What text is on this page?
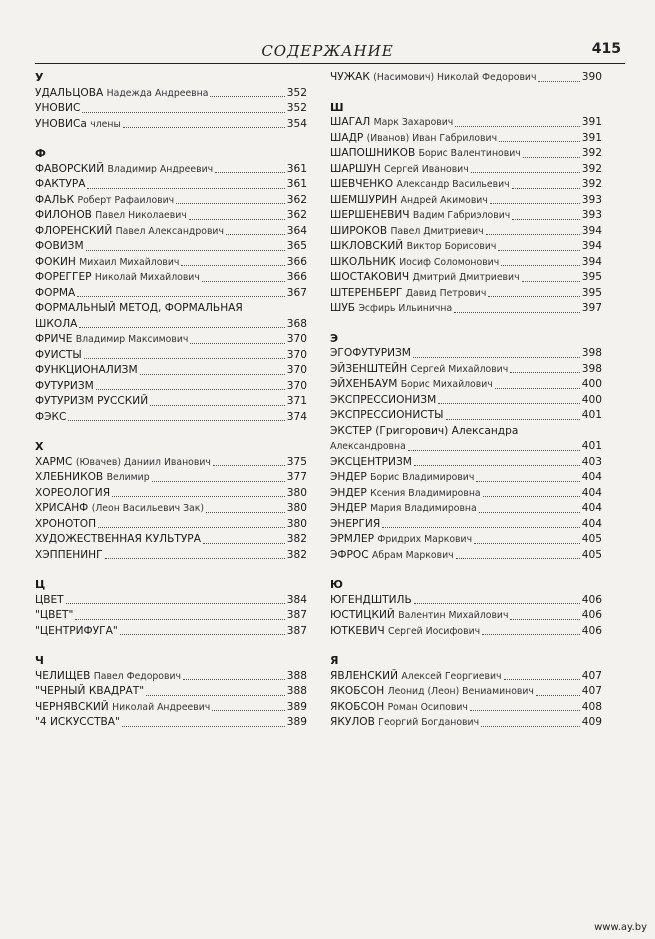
СОДЕРЖАНИЕ	415
У
УДАЛЬЦОВА Надежда Андреевна	352
УНОВИС	352
УНОВИСа члены	354
Ф
ФАВОРСКИЙ Владимир Андреевич	361
ФАКТУРА	361
ФАЛЬК Роберт Рафаилович	362
ФИЛОНОВ Павел Николаевич	362
ФЛОРЕНСКИЙ Павел Александрович	364
ФОВИЗМ	365
ФОКИН Михаил Михайлович	366
ФОРЕГГЕР Николай Михайлович	366
ФОРМА	367
ФОРМАЛЬНЫЙ МЕТОД, ФОРМАЛЬНАЯ
ШКОЛА	368
ФРИЧЕ Владимир Максимович	370
ФУИСТЫ	370
ФУНКЦИОНАЛИЗМ	370
ФУТУРИЗМ	370
ФУТУРИЗМ РУССКИЙ	371
ФЭКС	374
Х
ХАРМС (Ювачев) Даниил Иванович	375
ХЛЕБНИКОВ Велимир	377
ХОРЕОЛОГИЯ	380
ХРИСАНФ (Леон Васильевич Зак)	380
ХРОНОТОП	380
ХУДОЖЕСТВЕННАЯ КУЛЬТУРА	382
ХЭППЕНИНГ	382
Ц
ЦВЕТ	384
"ЦВЕТ"	387
"ЦЕНТРИФУГА"	387
Ч
ЧЕЛИЩЕВ Павел Федорович	388
"ЧЕРНЫЙ КВАДРАТ"	388
ЧЕРНЯВСКИЙ Николай Андреевич	389
"4 ИСКУССТВА"	389
ЧУЖАК (Насимович) Николай Федорович	390
Ш
ШАГАЛ Марк Захарович	391
ШАДР (Иванов) Иван Габрилович	391
ШАПОШНИКОВ Борис Валентинович	392
ШАРШУН Сергей Иванович	392
ШЕВЧЕНКО Александр Васильевич	392
ШЕМШУРИН Андрей Акимович	393
ШЕРШЕНЕВИЧ Вадим Габриэлович	393
ШИРОКОВ Павел Дмитриевич	394
ШКЛОВСКИЙ Виктор Борисович	394
ШКОЛЬНИК Иосиф Соломонович	394
ШОСТАКОВИЧ Дмитрий Дмитриевич	395
ШТЕРЕНБЕРГ Давид Петрович	395
ШУБ Эсфирь Ильинична	397
Э
ЭГОФУТУРИЗМ	398
ЭЙЗЕНШТЕЙН Сергей Михайлович	398
ЭЙХЕНБАУМ Борис Михайлович	400
ЭКСПРЕССИОНИЗМ	400
ЭКСПРЕССИОНИСТЫ	401
ЭКСТЕР (Григорович) Александра
Александровна	401
ЭКСЦЕНТРИЗМ	403
ЭНДЕР Борис Владимирович	404
ЭНДЕР Ксения Владимировна	404
ЭНДЕР Мария Владимировна	404
ЭНЕРГИЯ	404
ЭРМЛЕР Фридрих Маркович	405
ЭФРОС Абрам Маркович	405
Ю
ЮГЕНДШТИЛЬ	406
ЮСТИЦКИЙ Валентин Михайлович	406
ЮТКЕВИЧ Сергей Иосифович	406
Я
ЯВЛЕНСКИЙ Алексей Георгиевич	407
ЯКОБСОН Леонид (Леон) Вениаминович	407
ЯКОБСОН Роман Осипович	408
ЯКУЛОВ Георгий Богданович	409
www.ay.by
